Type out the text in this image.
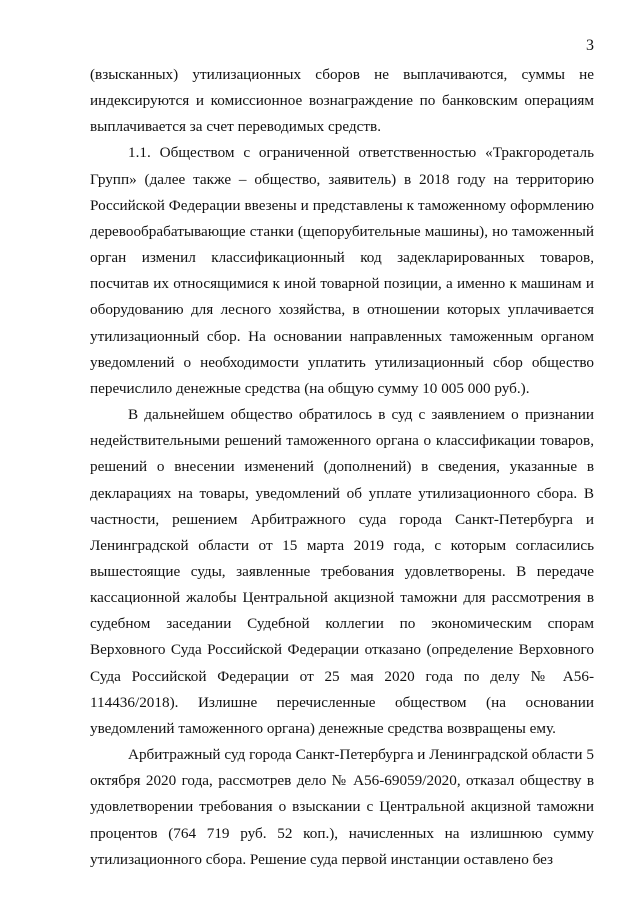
3

(взысканных) утилизационных сборов не выплачиваются, суммы не индексируются и комиссионное вознаграждение по банковским операциям выплачивается за счет переводимых средств.

1.1. Обществом с ограниченной ответственностью «Тракгородеталь Групп» (далее также – общество, заявитель) в 2018 году на территорию Российской Федерации ввезены и представлены к таможенному оформлению деревообрабатывающие станки (щепорубительные машины), но таможенный орган изменил классификационный код задекларированных товаров, посчитав их относящимися к иной товарной позиции, а именно к машинам и оборудованию для лесного хозяйства, в отношении которых уплачивается утилизационный сбор. На основании направленных таможенным органом уведомлений о необходимости уплатить утилизационный сбор общество перечислило денежные средства (на общую сумму 10 005 000 руб.).

В дальнейшем общество обратилось в суд с заявлением о признании недействительными решений таможенного органа о классификации товаров, решений о внесении изменений (дополнений) в сведения, указанные в декларациях на товары, уведомлений об уплате утилизационного сбора. В частности, решением Арбитражного суда города Санкт-Петербурга и Ленинградской области от 15 марта 2019 года, с которым согласились вышестоящие суды, заявленные требования удовлетворены. В передаче кассационной жалобы Центральной акцизной таможни для рассмотрения в судебном заседании Судебной коллегии по экономическим спорам Верховного Суда Российской Федерации отказано (определение Верховного Суда Российской Федерации от 25 мая 2020 года по делу № А56-114436/2018). Излишне перечисленные обществом (на основании уведомлений таможенного органа) денежные средства возвращены ему.

Арбитражный суд города Санкт-Петербурга и Ленинградской области 5 октября 2020 года, рассмотрев дело № А56-69059/2020, отказал обществу в удовлетворении требования о взыскании с Центральной акцизной таможни процентов (764 719 руб. 52 коп.), начисленных на излишнюю сумму утилизационного сбора. Решение суда первой инстанции оставлено без
